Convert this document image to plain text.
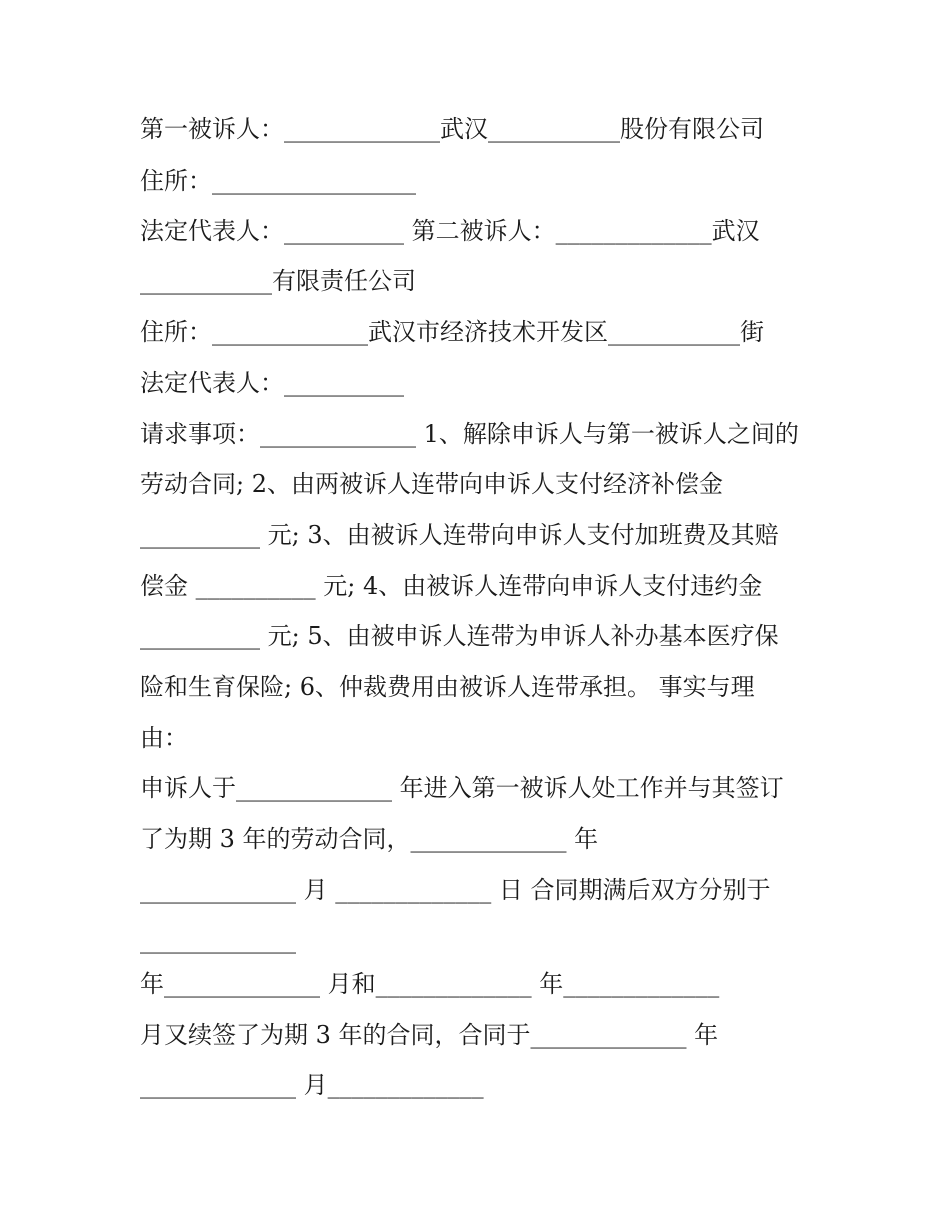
第一被诉人：_____________武汉___________股份有限公司

住所：_________________

法定代表人：__________ 第二被诉人：_____________武汉

___________有限责任公司

住所：_____________武汉市经济技术开发区___________街

法定代表人：__________

请求事项：_____________ 1、解除申诉人与第一被诉人之间的

劳动合同; 2、由两被诉人连带向申诉人支付经济补偿金

__________ 元; 3、由被诉人连带向申诉人支付加班费及其赔

偿金 __________ 元; 4、由被诉人连带向申诉人支付违约金

__________ 元; 5、由被申诉人连带为申诉人补办基本医疗保

险和生育保险; 6、仲裁费用由被诉人连带承担。 事实与理

由：

申诉人于_____________ 年进入第一被诉人处工作并与其签订

了为期 3 年的劳动合同，_____________ 年

_____________ 月 _____________ 日 合同期满后双方分别于

_____________

年_____________ 月和_____________ 年_____________

月又续签了为期 3 年的合同，合同于_____________ 年

_____________ 月_____________
